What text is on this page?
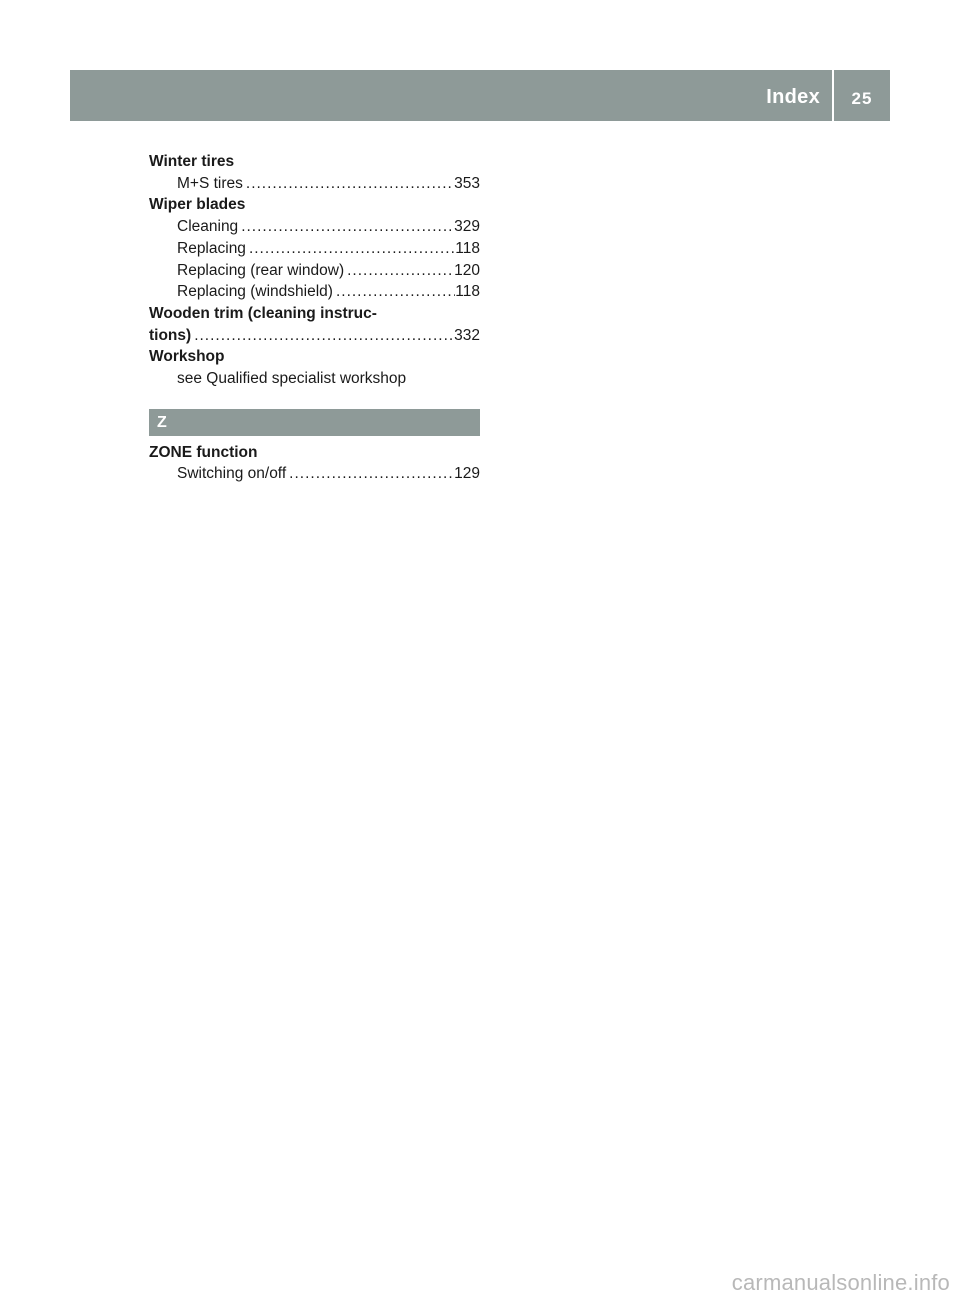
Index	25
Winter tires
M+S tires .....	353
Wiper blades
Cleaning .....	329
Replacing .....	118
Replacing (rear window) .....	120
Replacing (windshield) .....	118
Wooden trim (cleaning instruc-
tions) .....	332
Workshop
see Qualified specialist workshop
Z
ZONE function
Switching on/off .....	129
carmanualsonline.info
